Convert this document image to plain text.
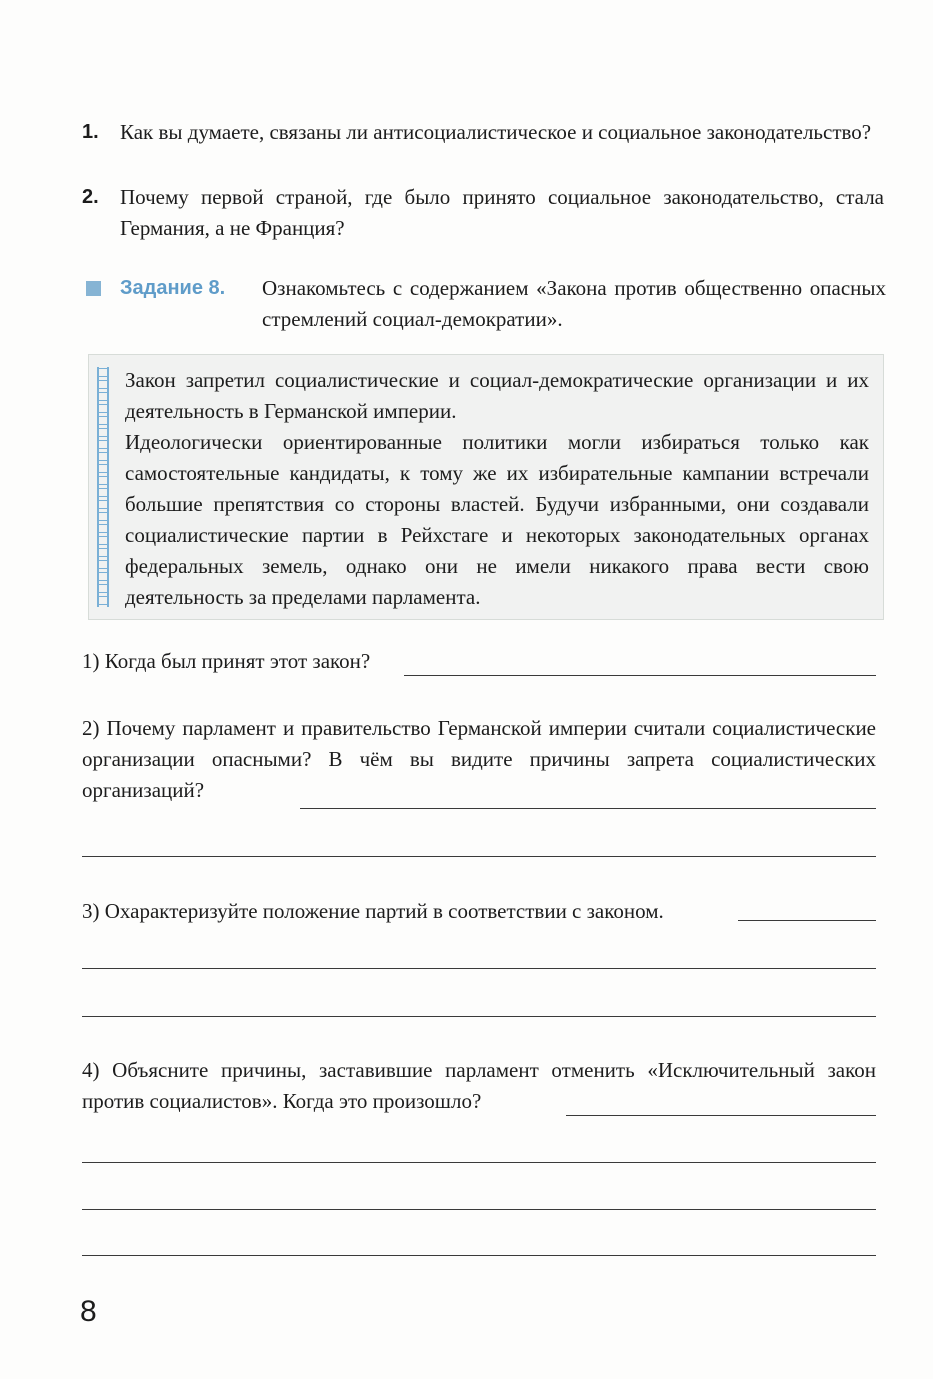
1. Как вы думаете, связаны ли антисоциалистическое и социальное законодательство?
2. Почему первой страной, где было принято социальное законодательство, стала Германия, а не Франция?
Задание 8. Ознакомьтесь с содержанием «Закона против общественно опасных стремлений социал-демократии».

Закон запретил социалистические и социал-демократические организации и их деятельность в Германской империи.

Идеологически ориентированные политики могли избираться только как самостоятельные кандидаты, к тому же их избирательные кампании встречали большие препятствия со стороны властей. Будучи избранными, они создавали социалистические партии в Рейхстаге и некоторых законодательных органах федеральных земель, однако они не имели никакого права вести свою деятельность за пределами парламента.

1) Когда был принят этот закон?
2) Почему парламент и правительство Германской империи считали социалистические организации опасными? В чём вы видите причины запрета социалистических организаций?
3) Охарактеризуйте положение партий в соответствии с законом.
4) Объясните причины, заставившие парламент отменить «Исключительный закон против социалистов». Когда это произошло?
8
